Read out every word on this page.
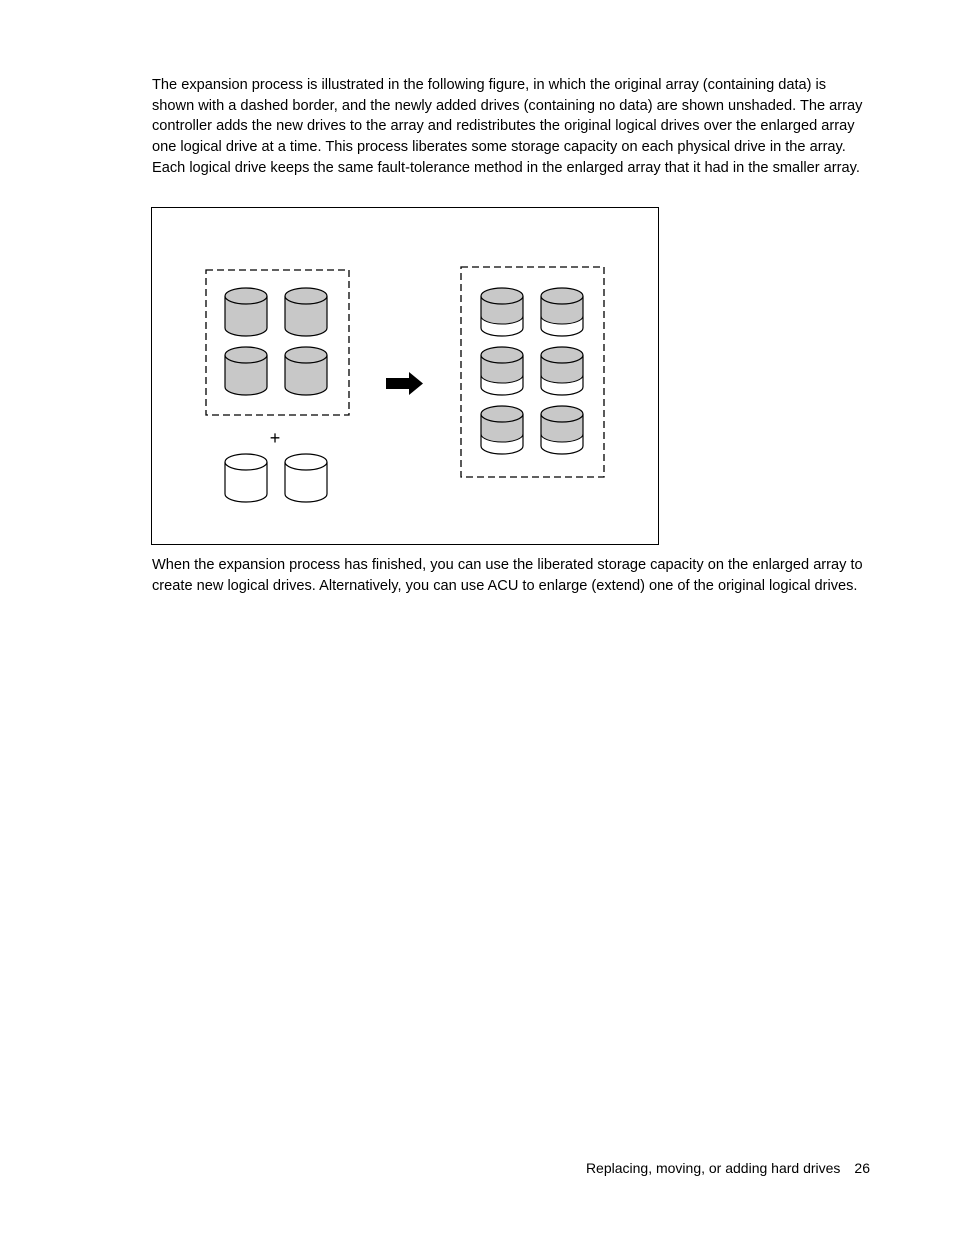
The expansion process is illustrated in the following figure, in which the original array (containing data) is shown with a dashed border, and the newly added drives (containing no data) are shown unshaded. The array controller adds the new drives to the array and redistributes the original logical drives over the enlarged array one logical drive at a time. This process liberates some storage capacity on each physical drive in the array. Each logical drive keeps the same fault-tolerance method in the enlarged array that it had in the smaller array.

+

When the expansion process has finished, you can use the liberated storage capacity on the enlarged array to create new logical drives. Alternatively, you can use ACU to enlarge (extend) one of the original logical drives.

Replacing, moving, or adding hard drives 26
